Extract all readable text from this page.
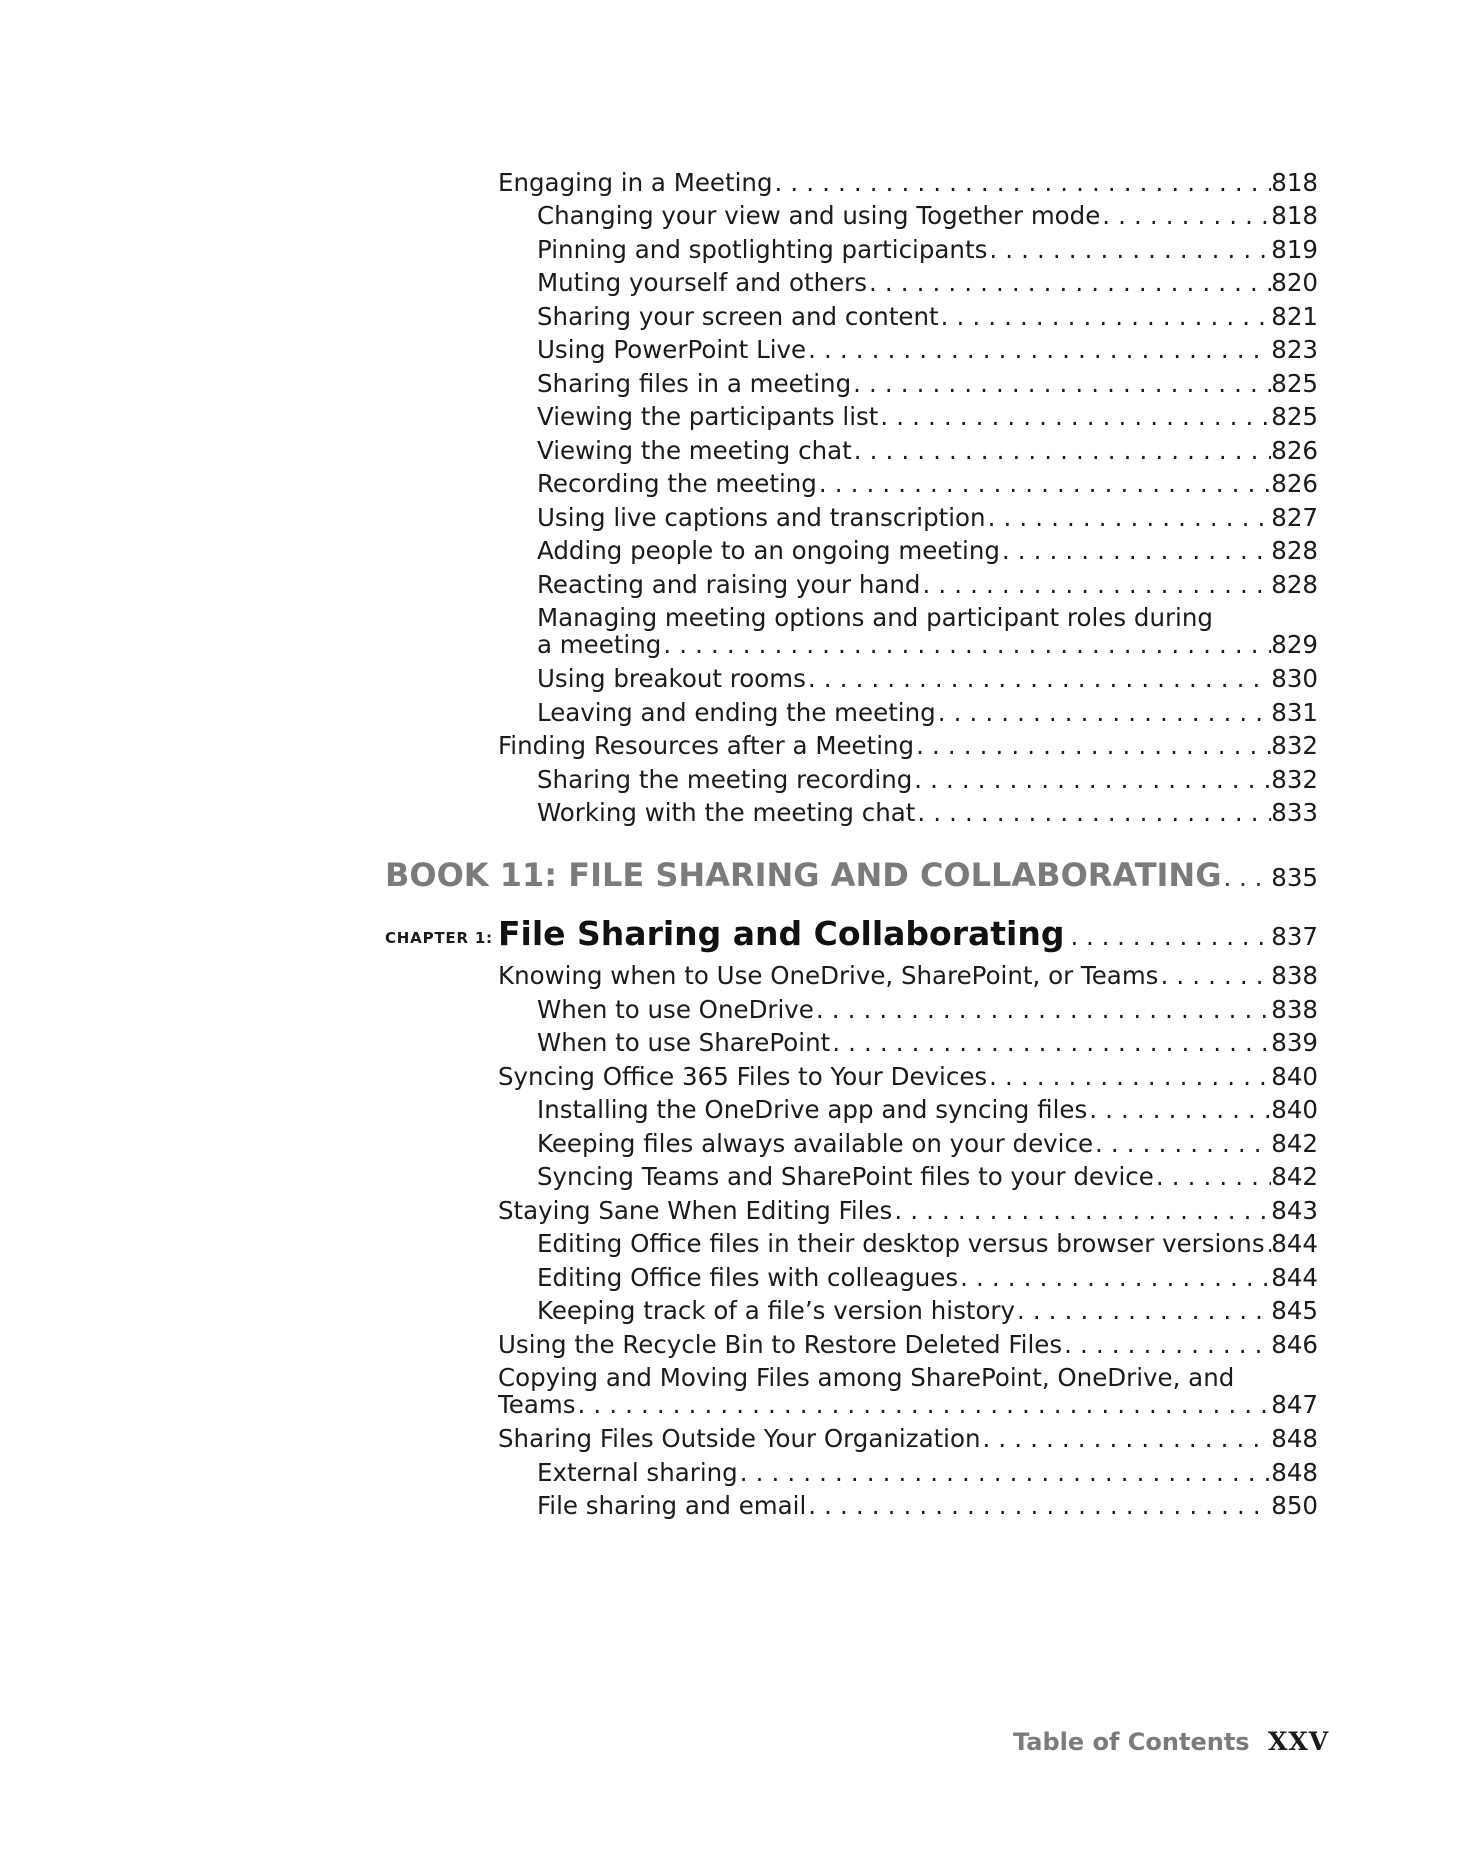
Engaging in a Meeting . . .	818
Changing your view and using Together mode . . .	818
Pinning and spotlighting participants . . .	819
Muting yourself and others . . .	820
Sharing your screen and content . . .	821
Using PowerPoint Live . . .	823
Sharing files in a meeting . . .	825
Viewing the participants list . . .	825
Viewing the meeting chat . . .	826
Recording the meeting . . .	826
Using live captions and transcription . . .	827
Adding people to an ongoing meeting . . .	828
Reacting and raising your hand . . .	828
Managing meeting options and participant roles during
a meeting . . .	829
Using breakout rooms . . .	830
Leaving and ending the meeting . . .	831
Finding Resources after a Meeting . . .	832
Sharing the meeting recording . . .	832
Working with the meeting chat . . .	833
BOOK 11: FILE SHARING AND COLLABORATING . . . 835
CHAPTER 1: File Sharing and Collaborating . . .	837
Knowing when to Use OneDrive, SharePoint, or Teams . . .	838
When to use OneDrive . . .	838
When to use SharePoint . . .	839
Syncing Office 365 Files to Your Devices . . .	840
Installing the OneDrive app and syncing files . . .	840
Keeping files always available on your device . . .	842
Syncing Teams and SharePoint files to your device . . .	842
Staying Sane When Editing Files . . .	843
Editing Office files in their desktop versus browser versions . . . 844
Editing Office files with colleagues . . .	844
Keeping track of a file’s version history . . .	845
Using the Recycle Bin to Restore Deleted Files . . .	846
Copying and Moving Files among SharePoint, OneDrive, and
Teams . . .	847
Sharing Files Outside Your Organization . . .	848
External sharing . . .	848
File sharing and email . . .	850
Table of Contents XXV
